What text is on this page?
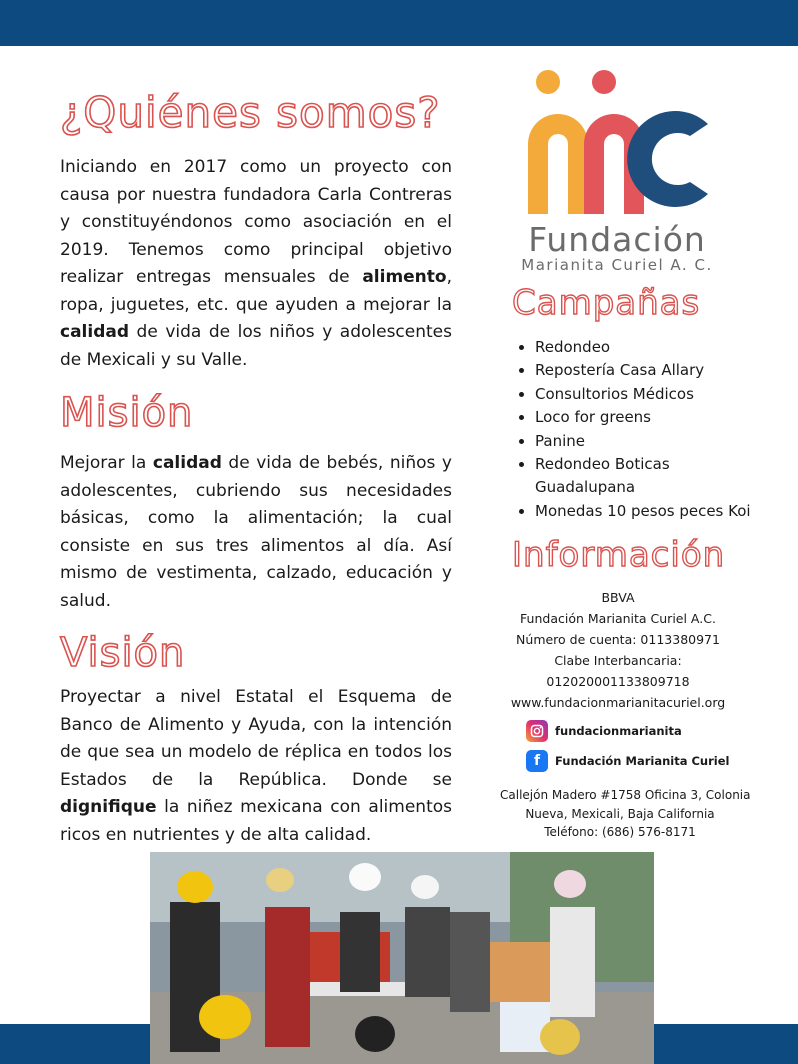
¿Quiénes somos?

Iniciando en 2017 como un proyecto con causa por nuestra fundadora Carla Contreras y constituyéndonos como asociación en el 2019. Tenemos como principal objetivo realizar entregas mensuales de alimento, ropa, juguetes, etc. que ayuden a mejorar la calidad de vida de los niños y adolescentes de Mexicali y su Valle.

Misión

Mejorar la calidad de vida de bebés, niños y adolescentes, cubriendo sus necesidades básicas, como la alimentación; la cual consiste en sus tres alimentos al día. Así mismo de vestimenta, calzado, educación y salud.

Visión

Proyectar a nivel Estatal el Esquema de Banco de Alimento y Ayuda, con la intención de que sea un modelo de réplica en todos los Estados de la República. Donde se dignifique la niñez mexicana con alimentos ricos en nutrientes y de alta calidad.

Fundación
Marianita Curiel A. C.
Campañas
• Redondeo
• Repostería Casa Allary
• Consultorios Médicos
• Loco for greens
• Panine
• Redondeo Boticas Guadalupana
• Monedas 10 pesos peces Koi
Información
BBVA
Fundación Marianita Curiel A.C.
Número de cuenta: 0113380971
Clabe Interbancaria:
012020001133809718
www.fundacionmarianitacuriel.org
fundacionmarianita
f	Fundación Marianita Curiel
Callejón Madero #1758 Oficina 3, Colonia
Nueva, Mexicali, Baja California
Teléfono: (686) 576-8171
